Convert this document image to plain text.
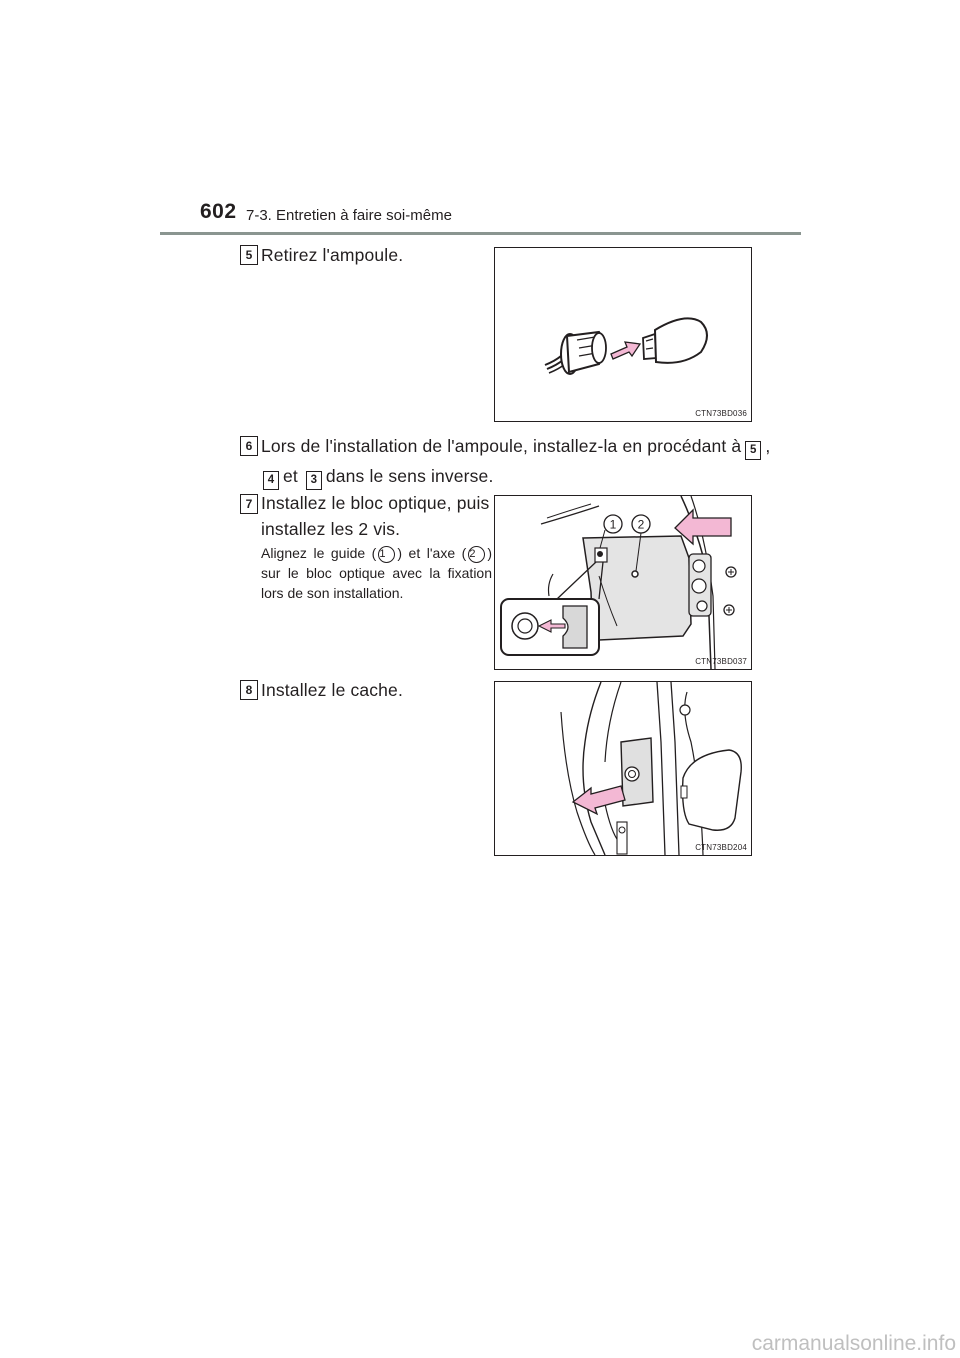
602 7-3. Entretien à faire soi-même
5 Retirez l'ampoule.
CTN73BD036
6 Lors de l'installation de l'ampoule, installez-la en procédant à 5 ,
4 et 3 dans le sens inverse.
7 Installez le bloc optique, puis installez les 2 vis.
Alignez le guide ( 1 ) et l'axe ( 2 ) sur le bloc optique avec la fixation lors de son installation.
1 2
CTN73BD037
8 Installez le cache.
CTN73BD204
carmanualsonline.info
